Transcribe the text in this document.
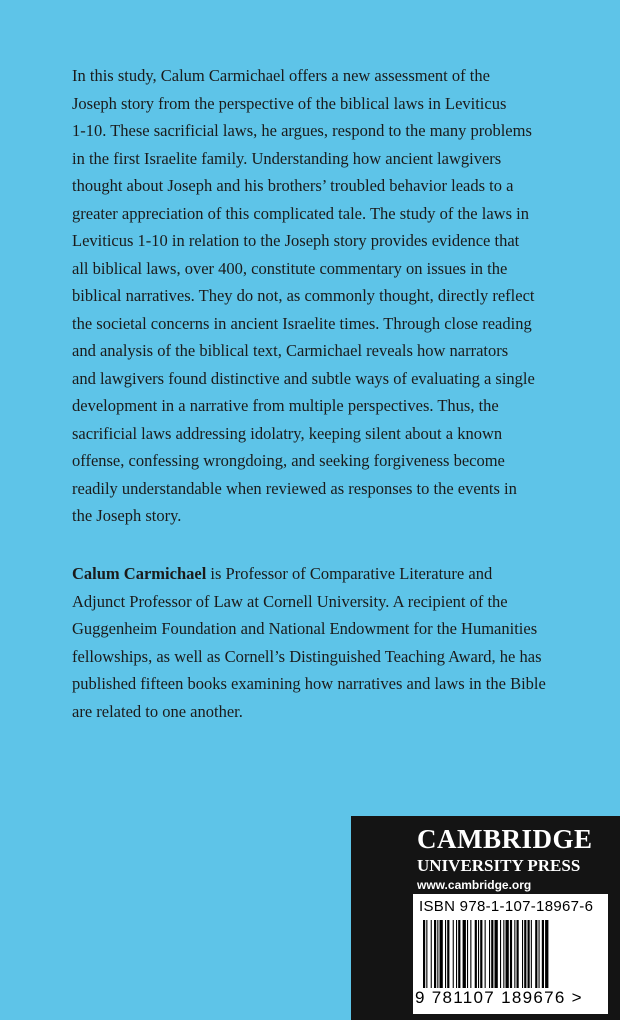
In this study, Calum Carmichael offers a new assessment of the
Joseph story from the perspective of the biblical laws in Leviticus
1-10. These sacrificial laws, he argues, respond to the many problems
in the first Israelite family. Understanding how ancient lawgivers
thought about Joseph and his brothers’ troubled behavior leads to a
greater appreciation of this complicated tale. The study of the laws in
Leviticus 1-10 in relation to the Joseph story provides evidence that
all biblical laws, over 400, constitute commentary on issues in the
biblical narratives. They do not, as commonly thought, directly reflect
the societal concerns in ancient Israelite times. Through close reading
and analysis of the biblical text, Carmichael reveals how narrators
and lawgivers found distinctive and subtle ways of evaluating a single
development in a narrative from multiple perspectives. Thus, the
sacrificial laws addressing idolatry, keeping silent about a known
offense, confessing wrongdoing, and seeking forgiveness become
readily understandable when reviewed as responses to the events in
the Joseph story.

Calum Carmichael is Professor of Comparative Literature and
Adjunct Professor of Law at Cornell University. A recipient of the
Guggenheim Foundation and National Endowment for the Humanities
fellowships, as well as Cornell’s Distinguished Teaching Award, he has
published fifteen books examining how narratives and laws in the Bible
are related to one another.
CAMBRIDGE
UNIVERSITY PRESS
www.cambridge.org
ISBN 978-1-107-18967-6
9 781107 189676 >
